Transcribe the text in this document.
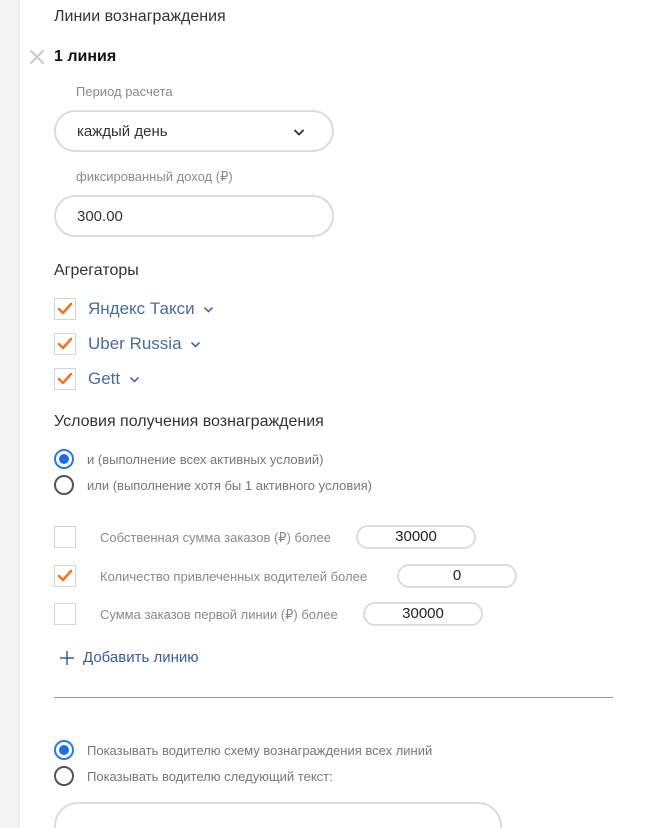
Линии вознаграждения
1 линия
Период расчета
каждый день
фиксированный доход (₽)
300.00
Агрегаторы
Яндекс Такси
Uber Russia
Gett
Условия получения вознаграждения
и (выполнение всех активных условий)
или (выполнение хотя бы 1 активного условия)
Собственная сумма заказов (₽) более	30000
Количество привлеченных водителей более	0
Сумма заказов первой линии (₽) более	30000
Добавить линию
Показывать водителю схему вознаграждения всех линий
Показывать водителю следующий текст:
